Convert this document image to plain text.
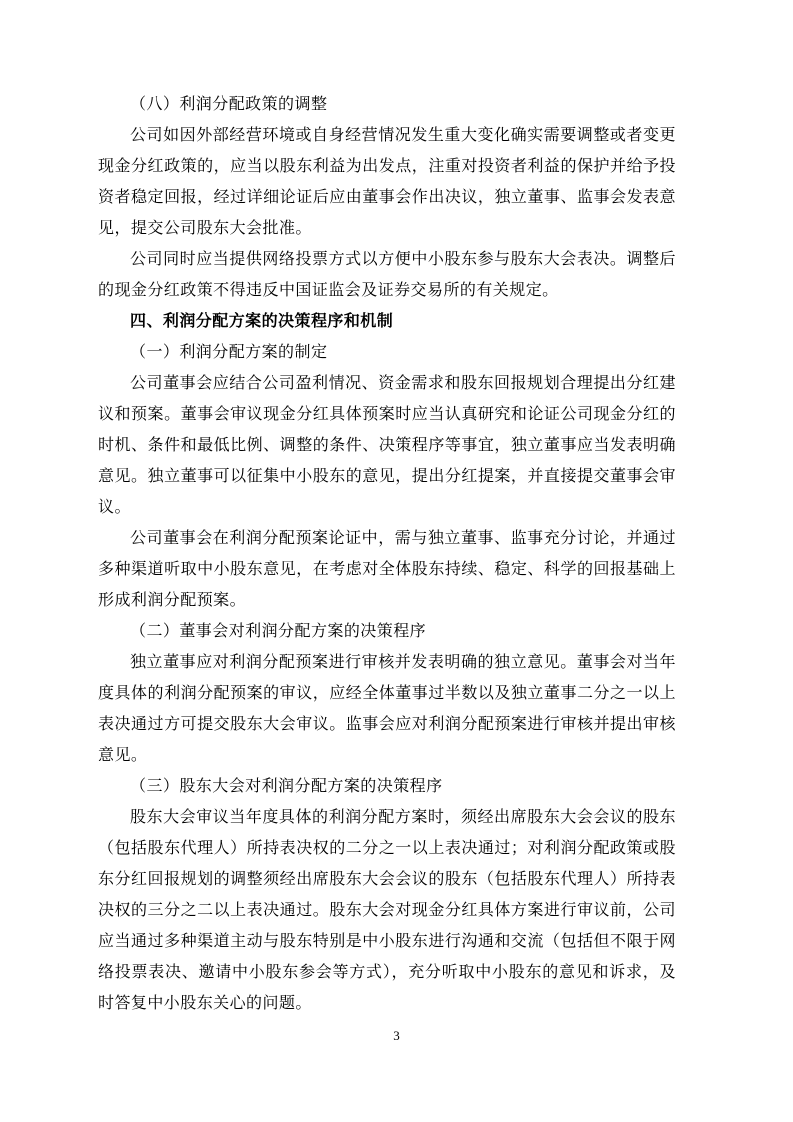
（八）利润分配政策的调整

公司如因外部经营环境或自身经营情况发生重大变化确实需要调整或者变更现金分红政策的，应当以股东利益为出发点，注重对投资者利益的保护并给予投资者稳定回报，经过详细论证后应由董事会作出决议，独立董事、监事会发表意见，提交公司股东大会批准。

公司同时应当提供网络投票方式以方便中小股东参与股东大会表决。调整后的现金分红政策不得违反中国证监会及证券交易所的有关规定。

四、利润分配方案的决策程序和机制

（一）利润分配方案的制定

公司董事会应结合公司盈利情况、资金需求和股东回报规划合理提出分红建议和预案。董事会审议现金分红具体预案时应当认真研究和论证公司现金分红的时机、条件和最低比例、调整的条件、决策程序等事宜，独立董事应当发表明确意见。独立董事可以征集中小股东的意见，提出分红提案，并直接提交董事会审议。

公司董事会在利润分配预案论证中，需与独立董事、监事充分讨论，并通过多种渠道听取中小股东意见，在考虑对全体股东持续、稳定、科学的回报基础上形成利润分配预案。

（二）董事会对利润分配方案的决策程序

独立董事应对利润分配预案进行审核并发表明确的独立意见。董事会对当年度具体的利润分配预案的审议，应经全体董事过半数以及独立董事二分之一以上表决通过方可提交股东大会审议。监事会应对利润分配预案进行审核并提出审核意见。

（三）股东大会对利润分配方案的决策程序

股东大会审议当年度具体的利润分配方案时，须经出席股东大会会议的股东（包括股东代理人）所持表决权的二分之一以上表决通过；对利润分配政策或股东分红回报规划的调整须经出席股东大会会议的股东（包括股东代理人）所持表决权的三分之二以上表决通过。股东大会对现金分红具体方案进行审议前，公司应当通过多种渠道主动与股东特别是中小股东进行沟通和交流（包括但不限于网络投票表决、邀请中小股东参会等方式），充分听取中小股东的意见和诉求，及时答复中小股东关心的问题。

3
